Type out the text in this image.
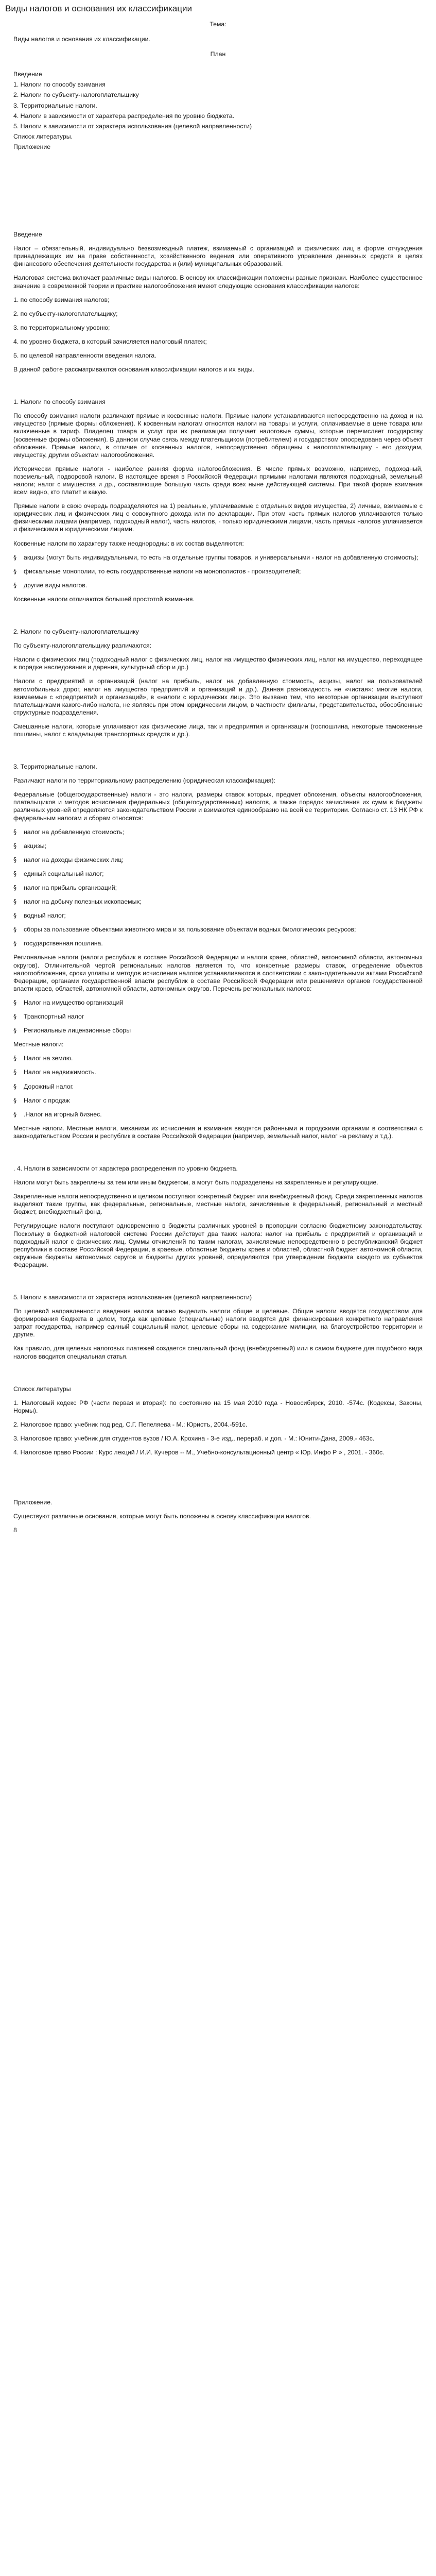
Виды налогов и основания их классификации

Тема:

Виды налогов и основания их классификации.

План

Введение

1. Налоги по способу взимания

2. Налоги по субъекту-налогоплательщику

3. Территориальные налоги.

4. Налоги в зависимости от характера распределения по уровню бюджета.

5. Налоги в зависимости от характера использования (целевой направленности)

Список литературы.

Приложение

Введение

Налог – обязательный, индивидуально безвозмездный платеж, взимаемый с организаций и физических лиц в форме отчуждения принадлежащих им на праве собственности, хозяйственного ведения или оперативного управления денежных средств в целях финансового обеспечения деятельности государства и (или) муниципальных образований.

Налоговая система включает различные виды налогов. В основу их классификации положены разные признаки. Наиболее существенное значение в современной теории и практике налогообложения имеют следующие основания классификации налогов:

1. по способу взимания налогов;

2. по субъекту-налогоплательщику;

3. по территориальному уровню;

4. по уровню бюджета, в который зачисляется налоговый платеж;

5. по целевой направленности введения налога.

В данной работе рассматриваются основания классификации налогов и их виды.

1. Налоги по способу взимания

По способу взимания налоги различают прямые и косвенные налоги. Прямые налоги устанавливаются непосредственно на доход и на имущество (прямые формы обложения). К косвенным налогам относятся налоги на товары и услуги, оплачиваемые в цене товара или включенные в тариф. Владелец товара и услуг при их реализации получает налоговые суммы, которые перечисляет государству (косвенные формы обложения). В данном случае связь между плательщиком (потребителем) и государством опосредована через объект обложения. Прямые налоги, в отличие от косвенных налогов, непосредственно обращены к налогоплательщику - его доходам, имуществу, другим объектам налогообложения.

Исторически прямые налоги - наиболее ранняя форма налогообложения. В числе прямых возможно, например, подоходный, поземельный, подворовой налоги. В настоящее время в Российской Федерации прямыми налогами являются подоходный, земельный налоги; налог с имущества и др., составляющие большую часть среди всех ныне действующей системы. При такой форме взимания всем видно, кто платит и какую.

Прямые налоги в свою очередь подразделяются на 1) реальные, уплачиваемые с отдельных видов имущества, 2) личные, взимаемые с юридических лиц и физических лиц с совокупного дохода или по декларации. При этом часть прямых налогов уплачиваются только физическими лицами (например, подоходный налог), часть налогов, - только юридическими лицами, часть прямых налогов уплачивается и физическими и юридическими лицами.

Косвенные налоги по характеру также неоднородны: в их состав выделяются:

§ акцизы (могут быть индивидуальными, то есть на отдельные группы товаров, и универсальными - налог на добавленную стоимость);

§ фискальные монополии, то есть государственные налоги на монополистов - производителей;

§ другие виды налогов.

Косвенные налоги отличаются большей простотой взимания.

2. Налоги по субъекту-налогоплательщику

По субъекту-налогоплательщику различаются:

Налоги с физических лиц (подоходный налог с физических лиц, налог на имущество физических лиц, налог на имущество, переходящее в порядке наследования и дарения, культурный сбор и др.)

Налоги с предприятий и организаций (налог на прибыль, налог на добавленную стоимость, акцизы, налог на пользователей автомобильных дорог, налог на имущество предприятий и организаций и др.). Данная разновидность не «чистая»: многие налоги, взимаемые с «предприятий и организаций», в «налоги с юридических лиц». Это вызвано тем, что некоторые организации выступают плательщиками какого-либо налога, не являясь при этом юридическим лицом, в частности филиалы, представительства, обособленные структурные подразделения.

Смешанные налоги, которые уплачивают как физические лица, так и предприятия и организации (госпошлина, некоторые таможенные пошлины, налог с владельцев транспортных средств и др.).

3. Территориальные налоги.

Различают налоги по территориальному распределению (юридическая классификация):

Федеральные (общегосударственные) налоги - это налоги, размеры ставок которых, предмет обложения, объекты налогообложения, плательщиков и методов исчисления федеральных (общегосударственных) налогов, а также порядок зачисления их сумм в бюджеты различных уровней определяются законодательством России и взимаются единообразно на всей ее территории. Согласно ст. 13 НК РФ к федеральным налогам и сборам относятся:

§ налог на добавленную стоимость;

§ акцизы;

§ налог на доходы физических лиц;

§ единый социальный налог;

§ налог на прибыль организаций;

§ налог на добычу полезных ископаемых;

§ водный налог;

§ сборы за пользование объектами животного мира и за пользование объектами водных биологических ресурсов;

§ государственная пошлина.

Региональные налоги (налоги республик в составе Российской Федерации и налоги краев, областей, автономной области, автономных округов). Отличительной чертой региональных налогов является то, что конкретные размеры ставок, определение объектов налогообложения, сроки уплаты и методов исчисления налогов устанавливаются в соответствии с законодательными актами Российской Федерации, органами государственной власти республик в составе Российской Федерации или решениями органов государственной власти краев, областей, автономной области, автономных округов. Перечень региональных налогов:

§ Налог на имущество организаций

§ Транспортный налог

§ Региональные лицензионные сборы

Местные налоги:

§ Налог на землю.

§ Налог на недвижимость.

§ Дорожный налог.

§ Налог с продаж

§ .Налог на игорный бизнес.

Местные налоги. Местные налоги, механизм их исчисления и взимания вводятся районными и городскими органами в соответствии с законодательством России и республик в составе Российской Федерации (например, земельный налог, налог на рекламу и т.д.).

. 4. Налоги в зависимости от характера распределения по уровню бюджета.

Налоги могут быть закреплены за тем или иным бюджетом, а могут быть подразделены на закрепленные и регулирующие.

Закрепленные налоги непосредственно и целиком поступают конкретный бюджет или внебюджетный фонд. Среди закрепленных налогов выделяют такие группы, как федеральные, региональные, местные налоги, зачисляемые в федеральный, региональный и местный бюджет, внебюджетный фонд.

Регулирующие налоги поступают одновременно в бюджеты различных уровней в пропорции согласно бюджетному законодательству. Поскольку в бюджетной налоговой системе России действует два таких налога: налог на прибыль с предприятий и организаций и подоходный налог с физических лиц. Суммы отчислений по таким налогам, зачисляемые непосредственно в республиканский бюджет республики в составе Российской Федерации, в краевые, областные бюджеты краев и областей, областной бюджет автономной области, окружные бюджеты автономных округов и бюджеты других уровней, определяются при утверждении бюджета каждого из субъектов Федерации.

5. Налоги в зависимости от характера использования (целевой направленности)

По целевой направленности введения налога можно выделить налоги общие и целевые. Общие налоги вводятся государством для формирования бюджета в целом, тогда как целевые (специальные) налоги вводятся для финансирования конкретного направления затрат государства, например единый социальный налог, целевые сборы на содержание милиции, на благоустройство территории и другие.

Как правило, для целевых налоговых платежей создается специальный фонд (внебюджетный) или в самом бюджете для подобного вида налогов вводится специальная статья.

Список литературы

1. Налоговый кодекс РФ (части первая и вторая): по состоянию на 15 мая 2010 года - Новосибирск, 2010. -574с. (Кодексы, Законы, Нормы).

2. Налоговое право: учебник под ред. С.Г. Пепеляева - М.: Юристъ, 2004.-591с.

3. Налоговое право: учебник для студентов вузов / Ю.А. Крохина - 3-е изд., перераб. и доп. - М.: Юнити-Дана, 2009.- 463с.

4. Налоговое право России : Курс лекций / И.И. Кучеров -- М., Учебно-консультационный центр « Юр. Инфо Р » , 2001. - 360с.

Приложение.

Существуют различные основания, которые могут быть положены в основу классификации налогов.

8
